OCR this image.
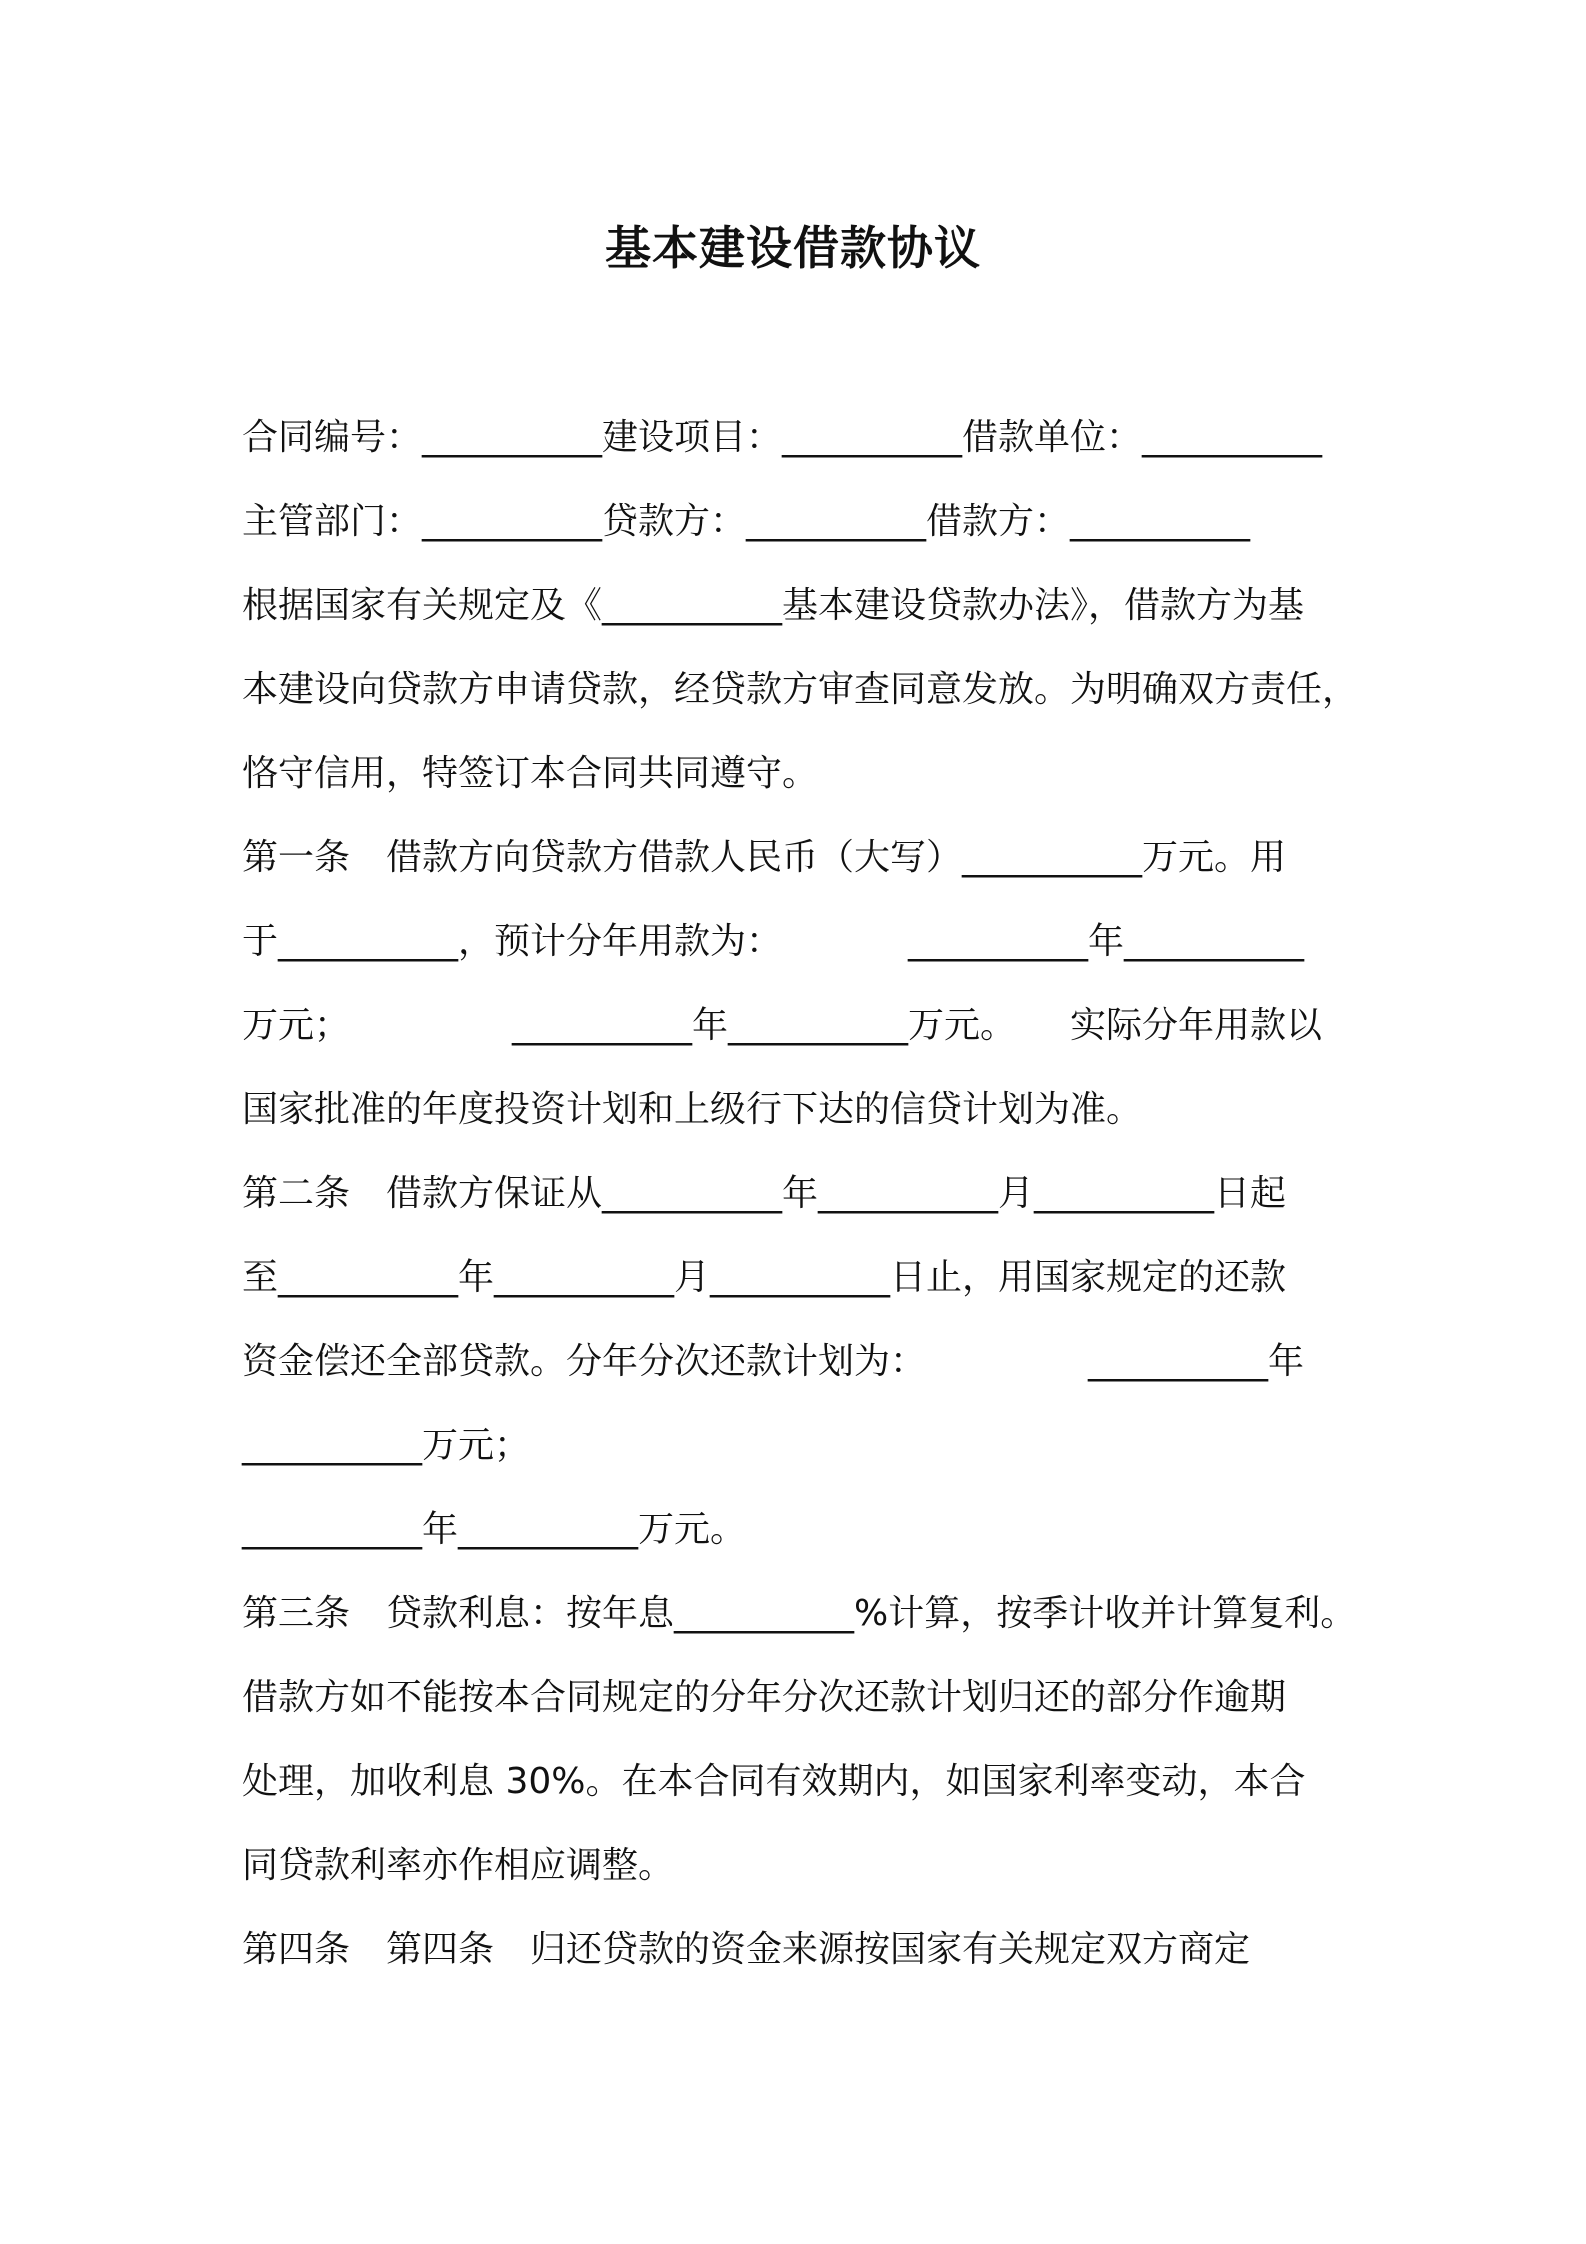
基本建设借款协议
合同编号：__________建设项目：__________借款单位：__________
主管部门：__________贷款方：__________借款方：__________
根据国家有关规定及《__________基本建设贷款办法》，借款方为基
本建设向贷款方申请贷款，经贷款方审查同意发放。为明确双方责任，
恪守信用，特签订本合同共同遵守。
第一条　借款方向贷款方借款人民币（大写）__________万元。用
于__________，预计分年用款为：　　　　__________年__________
万元；　　　　　__________年__________万元。　　实际分年用款以
国家批准的年度投资计划和上级行下达的信贷计划为准。
第二条　借款方保证从__________年__________月__________日起
至__________年__________月__________日止，用国家规定的还款
资金偿还全部贷款。分年分次还款计划为：　　　　　__________年
__________万元；
__________年__________万元。
第三条　贷款利息：按年息__________%计算，按季计收并计算复利。
借款方如不能按本合同规定的分年分次还款计划归还的部分作逾期
处理，加收利息 30%。在本合同有效期内，如国家利率变动，本合
同贷款利率亦作相应调整。
第四条　第四条　归还贷款的资金来源按国家有关规定双方商定
